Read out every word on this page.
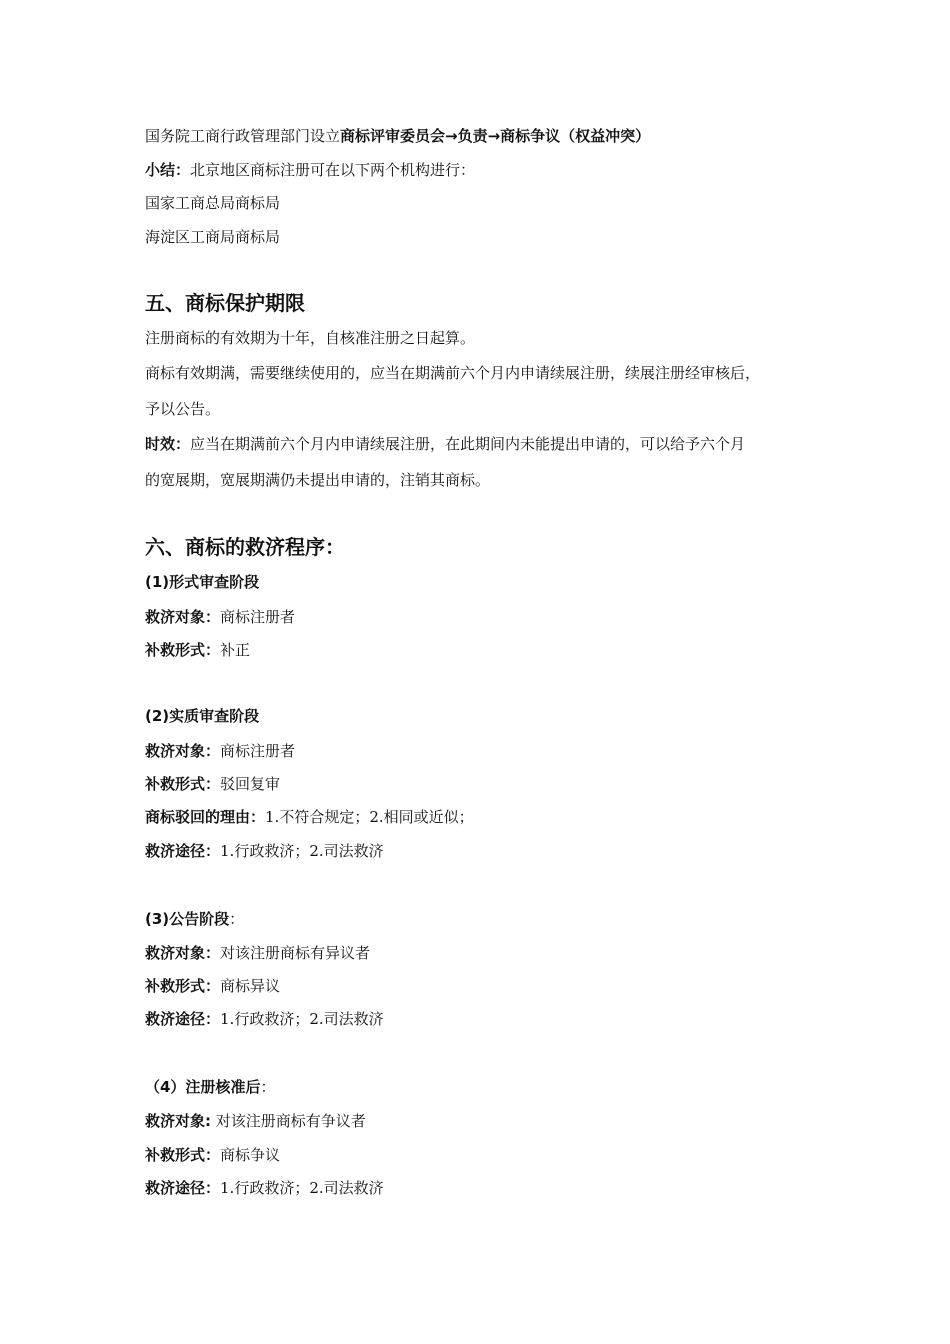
国务院工商行政管理部门设立商标评审委员会→负责→商标争议（权益冲突）
小结：北京地区商标注册可在以下两个机构进行：
国家工商总局商标局
海淀区工商局商标局
五、商标保护期限
注册商标的有效期为十年，自核准注册之日起算。
商标有效期满，需要继续使用的，应当在期满前六个月内申请续展注册，续展注册经审核后，
予以公告。
时效：应当在期满前六个月内申请续展注册，在此期间内未能提出申请的，可以给予六个月
的宽展期，宽展期满仍未提出申请的，注销其商标。
六、商标的救济程序：
(1)形式审查阶段
救济对象：商标注册者
补救形式：补正
(2)实质审查阶段
救济对象：商标注册者
补救形式：驳回复审
商标驳回的理由：1.不符合规定；2.相同或近似；
救济途径：1.行政救济；2.司法救济
(3)公告阶段：
救济对象：对该注册商标有异议者
补救形式：商标异议
救济途径：1.行政救济；2.司法救济
（4）注册核准后：
救济对象: 对该注册商标有争议者
补救形式：商标争议
救济途径：1.行政救济；2.司法救济
